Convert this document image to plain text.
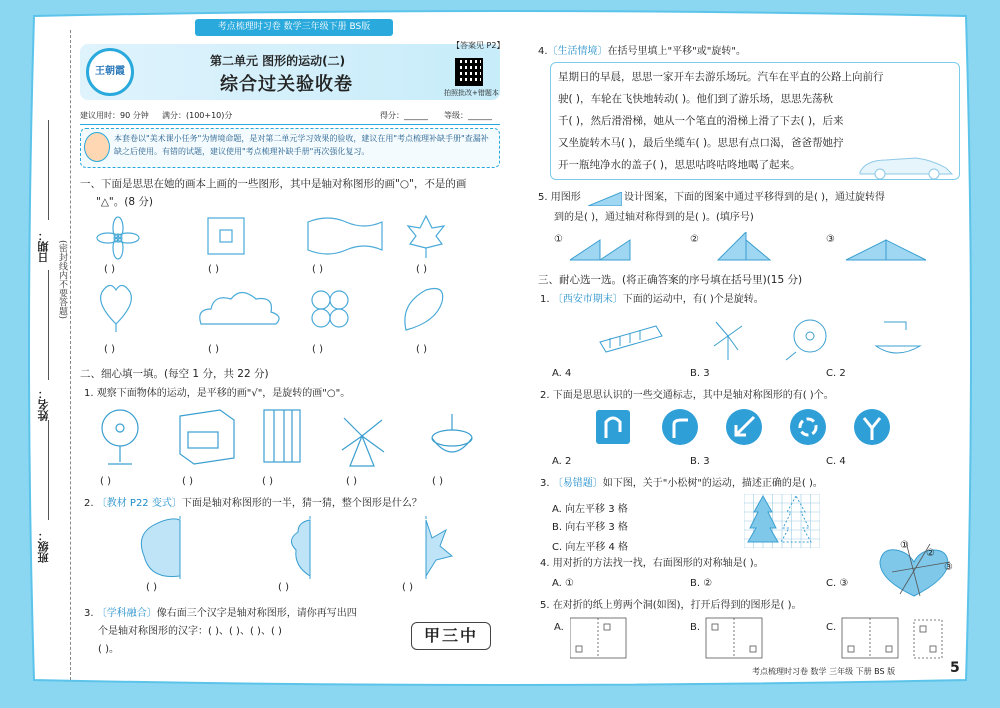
考点梳理时习卷 数学三年级下册 BS版
日期： (密封线内不要答题)
姓名：
班级：
王朝霞
第二单元 图形的运动(二)
综合过关验收卷
【答案见 P2】
拍照批改+错题本
建议用时：90 分钟 满分：(100+10)分	得分：______ 等级：______
本套卷以"美术课小任务"为情境命题，是对第二单元学习效果的验收，建议在用"考点梳理补缺手册"查漏补缺之后使用。有错的试题，建议使用"考点梳理补缺手册"再次强化复习。
一、下面是思思在她的画本上画的一些图形，其中是轴对称图形的画"○"，不是的画
"△"。(8 分)
( )	( )	( )	( )
( )	( )	( )	( )
二、细心填一填。(每空 1 分，共 22 分)
1. 观察下面物体的运动，是平移的画"√"，是旋转的画"○"。
( )	( )	( )	( )	( )
2. 〔教材 P22 变式〕下面是轴对称图形的一半，猜一猜，整个图形是什么？
( )	( )	( )
3. 〔学科融合〕像右面三个汉字是轴对称图形，请你再写出四
个是轴对称图形的汉字：( )、( )、( )、( )
( )。
甲三中
4.〔生活情境〕在括号里填上"平移"或"旋转"。
星期日的早晨，思思一家开车去游乐场玩。汽车在平直的公路上向前行
驶( )，车轮在飞快地转动( )。他们到了游乐场，思思先荡秋
千( )，然后滑滑梯，她从一个笔直的滑梯上滑了下去( )，后来
又坐旋转木马( )，最后坐缆车( )。思思有点口渴，爸爸帮她拧
开一瓶纯净水的盖子( )，思思咕咚咕咚地喝了起来。
5. 用图形	设计图案，下面的图案中通过平移得到的是( )，通过旋转得
到的是( )，通过轴对称得到的是( )。(填序号)
①	②	③
三、耐心选一选。(将正确答案的序号填在括号里)(15 分)
1. 〔西安市期末〕下面的运动中，有( )个是旋转。
A. 4	B. 3	C. 2
2. 下面是思思认识的一些交通标志，其中是轴对称图形的有( )个。
A. 2	B. 3	C. 4
3. 〔易错题〕如下图，关于"小松树"的运动，描述正确的是( )。
A. 向左平移 3 格
B. 向右平移 3 格
C. 向左平移 4 格
4. 用对折的方法找一找，右面图形的对称轴是( )。
A. ①	B. ②	C. ③
①
②
③
5. 在对折的纸上剪两个洞(如图)，打开后得到的图形是( )。
A.	B.	C.
考点梳理时习卷 数学 三年级 下册 BS 版	5
